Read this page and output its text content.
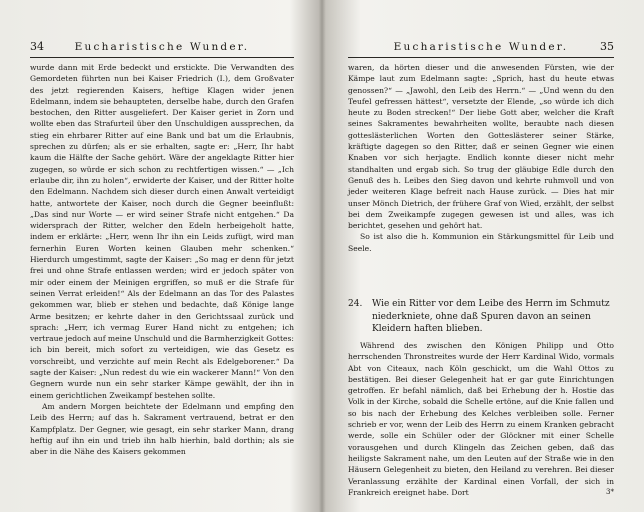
34	Eucharistische Wunder.

wurde dann mit Erde bedeckt und erstickte. Die Verwandten des Gemordeten führten nun bei Kaiser Friedrich (I.), dem Großvater des jetzt regierenden Kaisers, heftige Klagen wider jenen Edelmann, indem sie behaupteten, derselbe habe, durch den Grafen bestochen, den Ritter ausgeliefert. Der Kaiser geriet in Zorn und wollte eben das Strafurteil über den Unschuldigen aussprechen, da stieg ein ehrbarer Ritter auf eine Bank und bat um die Erlaubnis, sprechen zu dürfen; als er sie erhalten, sagte er: „Herr, Ihr habt kaum die Hälfte der Sache gehört. Wäre der angeklagte Ritter hier zugegen, so würde er sich schon zu rechtfertigen wissen.“ — „Ich erlaube dir, ihn zu holen“, erwiderte der Kaiser, und der Ritter holte den Edelmann. Nachdem sich dieser durch einen Anwalt verteidigt hatte, antwortete der Kaiser, noch durch die Gegner beeinflußt: „Das sind nur Worte — er wird seiner Strafe nicht entgehen.“ Da widersprach der Ritter, welcher den Edeln herbeigeholt hatte, indem er erklärte: „Herr, wenn Ihr ihn ein Leids zufügt, wird man fernerhin Euren Worten keinen Glauben mehr schenken.“ Hierdurch umgestimmt, sagte der Kaiser: „So mag er denn für jetzt frei und ohne Strafe entlassen werden; wird er jedoch später von mir oder einem der Meinigen ergriffen, so muß er die Strafe für seinen Verrat erleiden!“ Als der Edelmann an das Tor des Palastes gekommen war, blieb er stehen und bedachte, daß Könige lange Arme besitzen; er kehrte daher in den Gerichtssaal zurück und sprach: „Herr, ich vermag Eurer Hand nicht zu entgehen; ich vertraue jedoch auf meine Unschuld und die Barmherzigkeit Gottes: ich bin bereit, mich sofort zu verteidigen, wie das Gesetz es vorschreibt, und verzichte auf mein Recht als Edelgeborener.“ Da sagte der Kaiser: „Nun redest du wie ein wackerer Mann!“ Von den Gegnern wurde nun ein sehr starker Kämpe gewählt, der ihn in einem gerichtlichen Zweikampf bestehen sollte.

Am andern Morgen beichtete der Edelmann und empfing den Leib des Herrn; auf das h. Sakrament vertrauend, betrat er den Kampfplatz. Der Gegner, wie gesagt, ein sehr starker Mann, drang heftig auf ihn ein und trieb ihn halb hierhin, bald dorthin; als sie aber in die Nähe des Kaisers gekommen

Eucharistische Wunder.	35

waren, da hörten dieser und die anwesenden Fürsten, wie der Kämpe laut zum Edelmann sagte: „Sprich, hast du heute etwas genossen?“ — „Jawohl, den Leib des Herrn.“ — „Und wenn du den Teufel gefressen hättest“, versetzte der Elende, „so würde ich dich heute zu Boden strecken!“ Der liebe Gott aber, welcher die Kraft seines Sakramentes bewahrheiten wollte, beraubte nach diesen gotteslästerlichen Worten den Gotteslästerer seiner Stärke, kräftigte dagegen so den Ritter, daß er seinen Gegner wie einen Knaben vor sich herjagte. Endlich konnte dieser nicht mehr standhalten und ergab sich. So trug der gläubige Edle durch den Genuß des h. Leibes den Sieg davon und kehrte ruhmvoll und von jeder weiteren Klage befreit nach Hause zurück. — Dies hat mir unser Mönch Dietrich, der frühere Graf von Wied, erzählt, der selbst bei dem Zweikampfe zugegen gewesen ist und alles, was ich berichtet, gesehen und gehört hat.

So ist also die h. Kommunion ein Stärkungsmittel für Leib und Seele.

24. Wie ein Ritter vor dem Leibe des Herrn im Schmutz niederkniete, ohne daß Spuren davon an seinen Kleidern haften blieben.

Während des zwischen den Königen Philipp und Otto herrschenden Thronstreites wurde der Herr Kardinal Wido, vormals Abt von Citeaux, nach Köln geschickt, um die Wahl Ottos zu bestätigen. Bei dieser Gelegenheit hat er gar gute Einrichtungen getroffen. Er befahl nämlich, daß bei Erhebung der h. Hostie das Volk in der Kirche, sobald die Schelle ertöne, auf die Knie fallen und so bis nach der Erhebung des Kelches verbleiben solle. Ferner schrieb er vor, wenn der Leib des Herrn zu einem Kranken gebracht werde, solle ein Schüler oder der Glöckner mit einer Schelle vorausgehen und durch Klingeln das Zeichen geben, daß das heiligste Sakrament nahe, um den Leuten auf der Straße wie in den Häusern Gelegenheit zu bieten, den Heiland zu verehren. Bei dieser Veranlassung erzählte der Kardinal einen Vorfall, der sich in Frankreich ereignet habe. Dort	3*
